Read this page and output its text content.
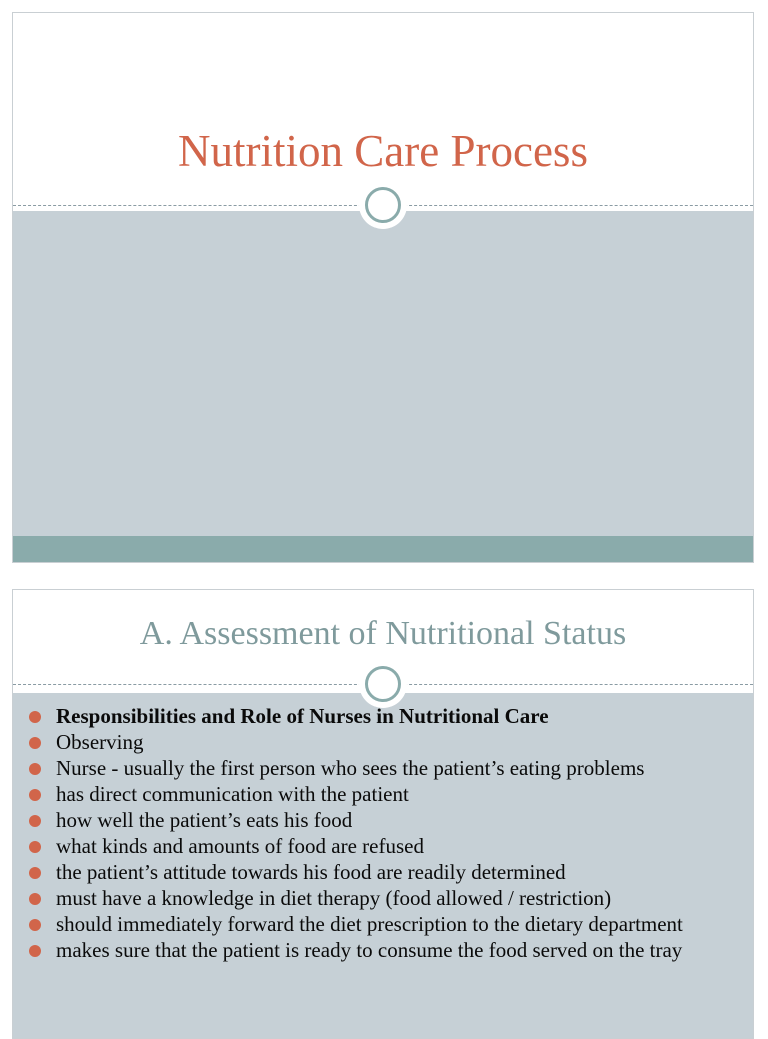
Nutrition Care Process
A. Assessment of Nutritional Status
Responsibilities and Role of Nurses in Nutritional Care
Observing
Nurse - usually the first person who sees the patient’s eating problems
has direct communication with the patient
how well the patient’s eats his food
what kinds and amounts of food are refused
the patient’s attitude towards his food are readily determined
must have a knowledge in diet therapy (food allowed / restriction)
should immediately forward the diet prescription to the dietary department
makes sure that the patient is ready to consume the food served on the tray
